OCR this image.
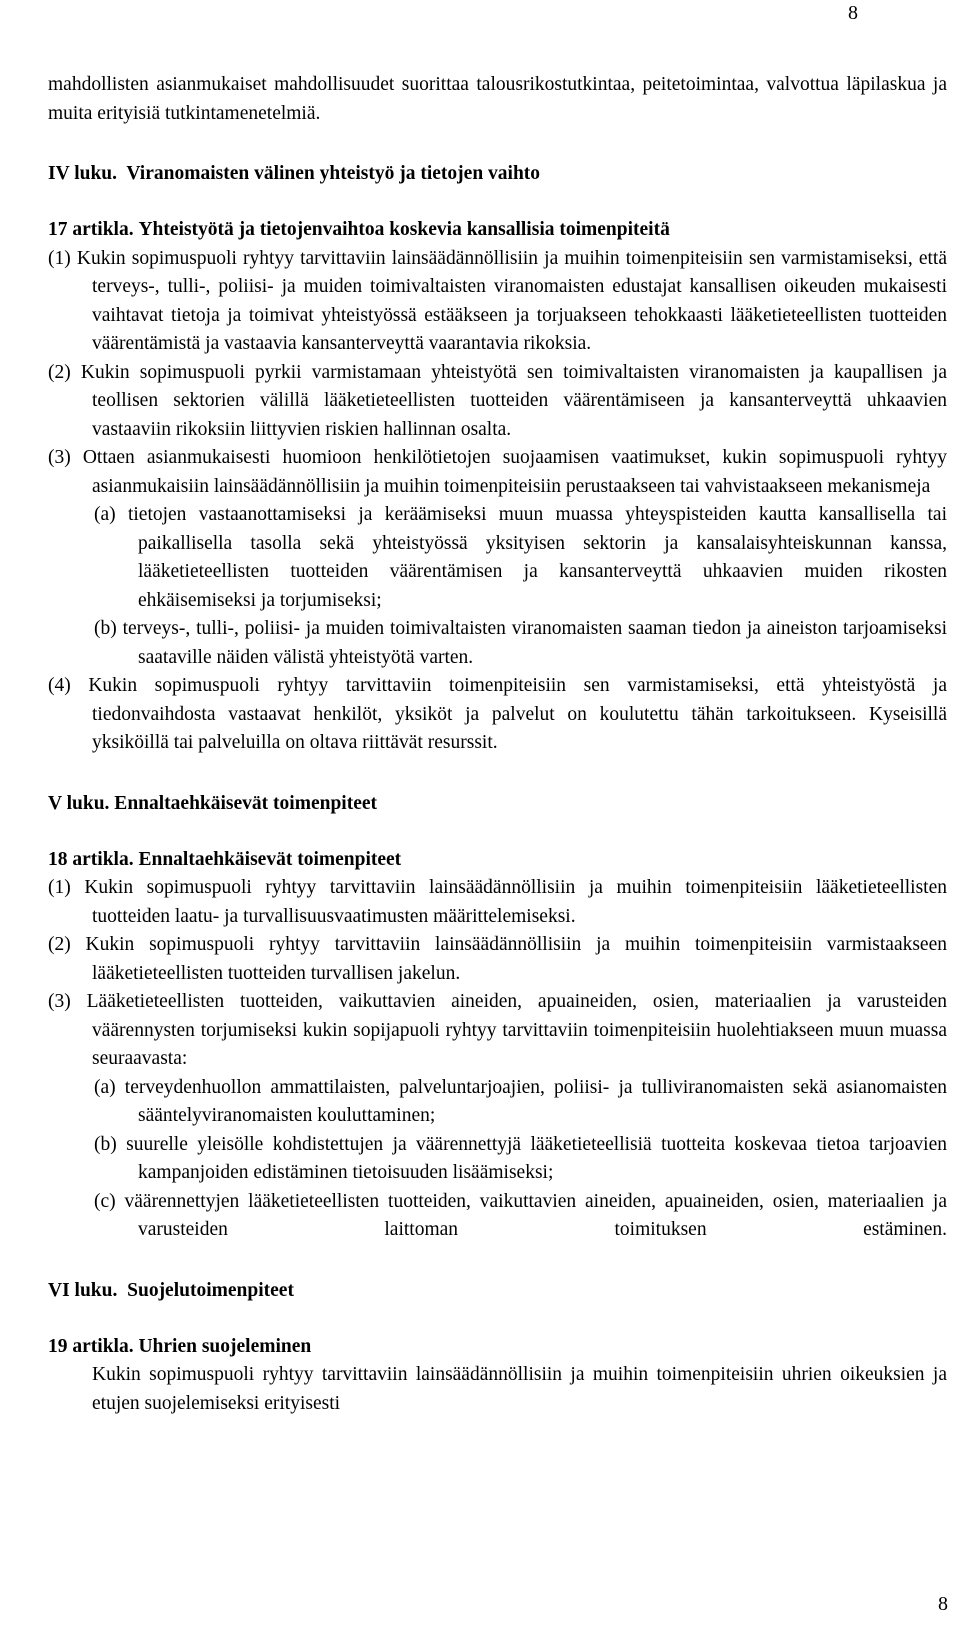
8

mahdollisten asianmukaiset mahdollisuudet suorittaa talousrikostutkintaa, peitetoimintaa, valvottua läpilaskua ja muita erityisiä tutkintamenetelmiä.

IV luku.  Viranomaisten välinen yhteistyö ja tietojen vaihto

17 artikla. Yhteistyötä ja tietojenvaihtoa koskevia kansallisia toimenpiteitä

(1) Kukin sopimuspuoli ryhtyy tarvittaviin lainsäädännöllisiin ja muihin toimenpiteisiin sen varmistamiseksi, että terveys-, tulli-, poliisi- ja muiden toimivaltaisten viranomaisten edustajat kansallisen oikeuden mukaisesti vaihtavat tietoja ja toimivat yhteistyössä estääkseen ja torjuakseen tehokkaasti lääketieteellisten tuotteiden väärentämistä ja vastaavia kansanterveyttä vaarantavia rikoksia.

(2) Kukin sopimuspuoli pyrkii varmistamaan yhteistyötä sen toimivaltaisten viranomaisten ja kaupallisen ja teollisen sektorien välillä lääketieteellisten tuotteiden väärentämiseen ja kansanterveyttä uhkaavien vastaaviin rikoksiin liittyvien riskien hallinnan osalta.

(3) Ottaen asianmukaisesti huomioon henkilötietojen suojaamisen vaatimukset, kukin sopimuspuoli ryhtyy asianmukaisiin lainsäädännöllisiin ja muihin toimenpiteisiin perustaakseen tai vahvistaakseen mekanismeja

(a) tietojen vastaanottamiseksi ja keräämiseksi muun muassa yhteyspisteiden kautta kansallisella tai paikallisella tasolla sekä yhteistyössä yksityisen sektorin ja kansalaisyhteiskunnan kanssa, lääketieteellisten tuotteiden väärentämisen ja kansanterveyttä uhkaavien muiden rikosten ehkäisemiseksi ja torjumiseksi;

(b) terveys-, tulli-, poliisi- ja muiden toimivaltaisten viranomaisten saaman tiedon ja aineiston tarjoamiseksi saataville näiden välistä yhteistyötä varten.

(4) Kukin sopimuspuoli ryhtyy tarvittaviin toimenpiteisiin sen varmistamiseksi, että yhteistyöstä ja tiedonvaihdosta vastaavat henkilöt, yksiköt ja palvelut on koulutettu tähän tarkoitukseen. Kyseisillä yksiköillä tai palveluilla on oltava riittävät resurssit.

V luku. Ennaltaehkäisevät toimenpiteet

18 artikla. Ennaltaehkäisevät toimenpiteet

(1) Kukin sopimuspuoli ryhtyy tarvittaviin lainsäädännöllisiin ja muihin toimenpiteisiin lääketieteellisten tuotteiden laatu- ja turvallisuusvaatimusten määrittelemiseksi.

(2) Kukin sopimuspuoli ryhtyy tarvittaviin lainsäädännöllisiin ja muihin toimenpiteisiin varmistaakseen lääketieteellisten tuotteiden turvallisen jakelun.

(3) Lääketieteellisten tuotteiden, vaikuttavien aineiden, apuaineiden, osien, materiaalien ja varusteiden väärennysten torjumiseksi kukin sopijapuoli ryhtyy tarvittaviin toimenpiteisiin huolehtiakseen muun muassa seuraavasta:

(a) terveydenhuollon ammattilaisten, palveluntarjoajien, poliisi- ja tulliviranomaisten sekä asianomaisten sääntelyviranomaisten kouluttaminen;

(b) suurelle yleisölle kohdistettujen ja väärennettyjä lääketieteellisiä tuotteita koskevaa tietoa tarjoavien kampanjoiden edistäminen tietoisuuden lisäämiseksi;

(c) väärennettyjen lääketieteellisten tuotteiden, vaikuttavien aineiden, apuaineiden, osien, materiaalien ja varusteiden laittoman toimituksen estäminen.

VI luku.  Suojelutoimenpiteet

19 artikla. Uhrien suojeleminen

Kukin sopimuspuoli ryhtyy tarvittaviin lainsäädännöllisiin ja muihin toimenpiteisiin uhrien oikeuksien ja etujen suojelemiseksi erityisesti

8
